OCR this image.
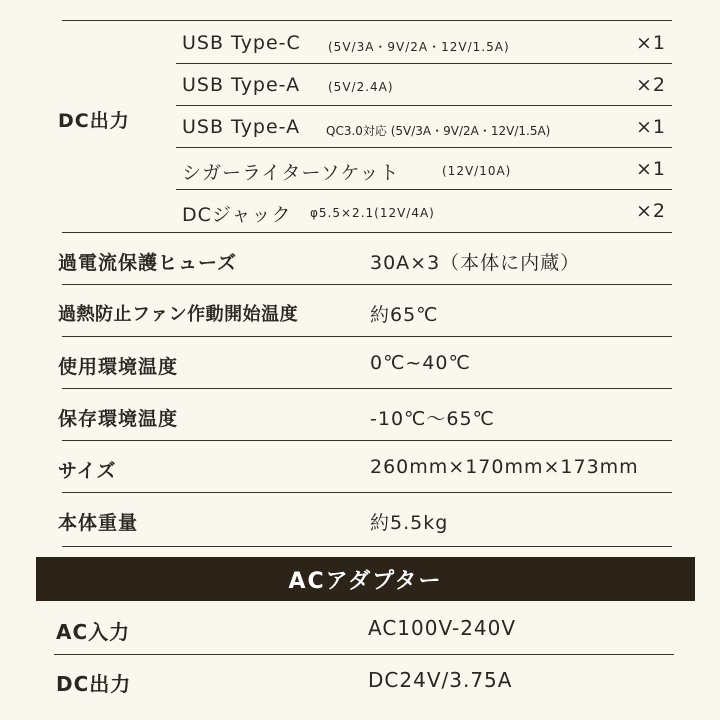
DC出力
USB Type-C (5V/3A・9V/2A・12V/1.5A)	×1
USB Type-A (5V/2.4A)	×2
USB Type-A QC3.0対応 (5V/3A・9V/2A・12V/1.5A)	×1
シガーライターソケット	(12V/10A)	×1
DCジャック φ5.5×2.1(12V/4A)	×2
過電流保護ヒューズ	30A×3（本体に内蔵）
過熱防止ファン作動開始温度	約65℃
使用環境温度	0℃~40℃
保存環境温度	-10℃～65℃
サイズ	260mm×170mm×173mm
本体重量	約5.5kg
ACアダプター
AC入力	AC100V-240V
DC出力	DC24V/3.75A
